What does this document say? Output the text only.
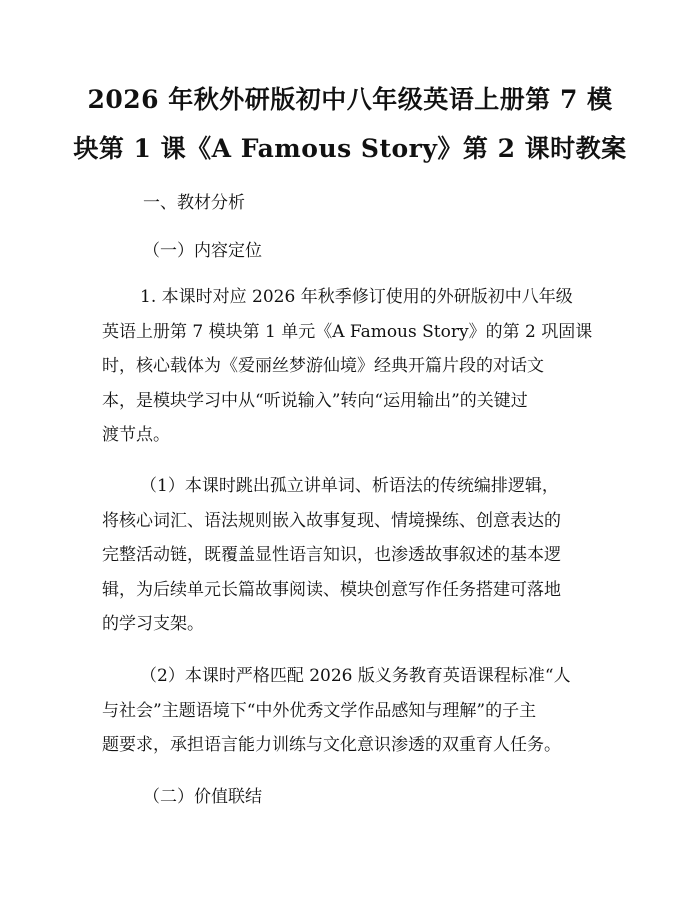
2026 年秋外研版初中八年级英语上册第 7 模
块第 1 课《A Famous Story》第 2 课时教案
一、教材分析
（一）内容定位
1. 本课时对应 2026 年秋季修订使用的外研版初中八年级
英语上册第 7 模块第 1 单元《A Famous Story》的第 2 巩固课
时，核心载体为《爱丽丝梦游仙境》经典开篇片段的对话文
本，是模块学习中从“听说输入”转向“运用输出”的关键过
渡节点。
（1）本课时跳出孤立讲单词、析语法的传统编排逻辑，
将核心词汇、语法规则嵌入故事复现、情境操练、创意表达的
完整活动链，既覆盖显性语言知识，也渗透故事叙述的基本逻
辑，为后续单元长篇故事阅读、模块创意写作任务搭建可落地
的学习支架。
（2）本课时严格匹配 2026 版义务教育英语课程标准“人
与社会”主题语境下“中外优秀文学作品感知与理解”的子主
题要求，承担语言能力训练与文化意识渗透的双重育人任务。
（二）价值联结
